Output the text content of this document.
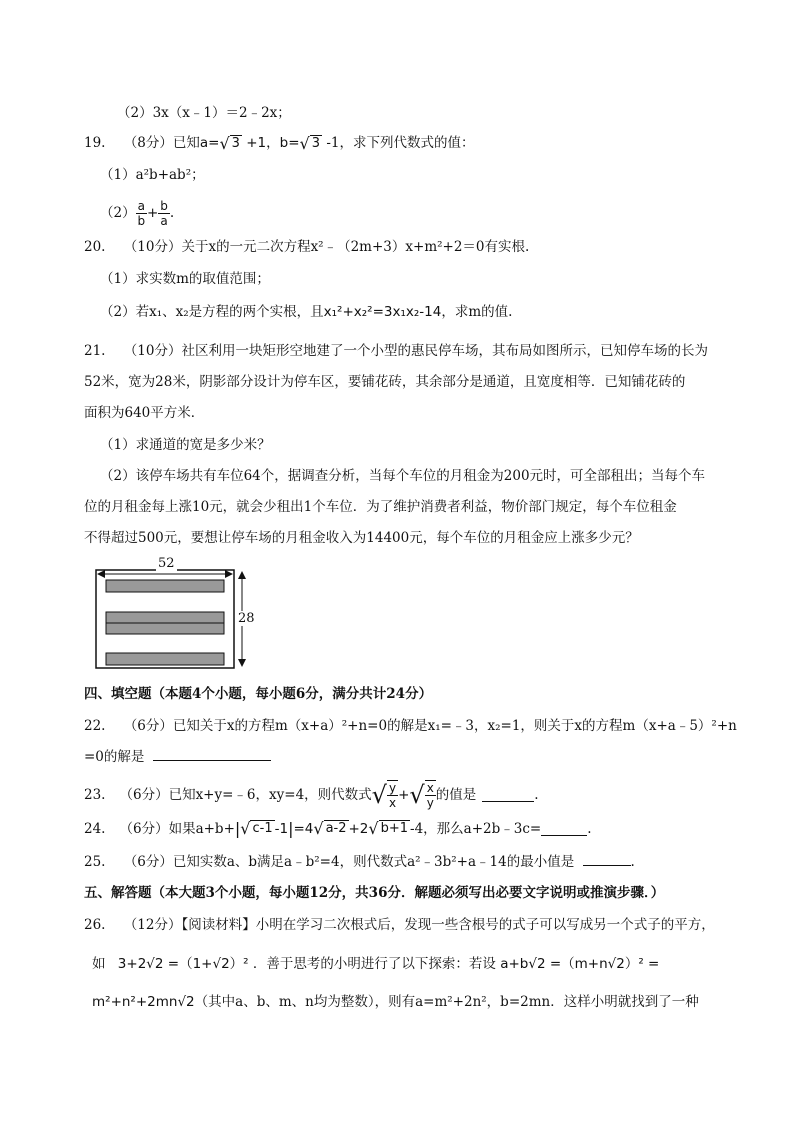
（2）3x（x﹣1）＝2﹣2x；
19. （8分）已知a= √ 3 +1，b= √ 3 -1，求下列代数式的值：
（1）a²b+ab²；
$(2) \frac{a}{b} + \frac{b}{a}$ .
20. （10分）关于x的一元二次方程x²﹣（2m+3）x+m²+2＝0有实根.
（1）求实数m的取值范围；
（2）若x₁、x₂是方程的两个实根，且x₁²+x₂²=3x₁x₂-14，求m的值.
21. （10分）社区利用一块矩形空地建了一个小型的惠民停车场，其布局如图所示，已知停车场的长为
52米，宽为28米，阴影部分设计为停车区，要铺花砖，其余部分是通道，且宽度相等．已知铺花砖的
面积为640平方米．
（1）求通道的宽是多少米？
（2）该停车场共有车位64个，据调查分析，当每个车位的月租金为200元时，可全部租出；当每个车
位的月租金每上涨10元，就会少租出1个车位．为了维护消费者利益，物价部门规定，每个车位租金
不得超过500元，要想让停车场的月租金收入为14400元，每个车位的月租金应上涨多少元？
52
28
四、填空题（本题4个小题，每小题6分，满分共计24分）
22. （6分）已知关于x的方程m（x+a）²+n=0的解是x₁=﹣3，x₂=1，则关于x的方程m（x+a﹣5）²+n
=0的解是
23. （6分）已知x+y=﹣6，xy=4，则代数式 √ $\frac{y}{x}$ + √ $\frac{x}{y}$ 的值是	.
24. （6分）如果a+b+ | √ c-1 -1 | =4 √ a-2 +2 √ b+1 -4，那么a+2b﹣3c=	.
25. （6分）已知实数a、b满足a﹣b²=4，则代数式a²﹣3b²+a﹣14的最小值是	.
五、解答题（本大题3个小题，每小题12分，共36分．解题必须写出必要文字说明或推演步骤．）
26. （12分）【阅读材料】小明在学习二次根式后，发现一些含根号的式子可以写成另一个式子的平方，
如 3+2√2 =（1+√2）² ．善于思考的小明进行了以下探索：若设 a+b√2 =（m+n√2）² =
m²+n²+2mn√2（其中a、b、m、n均为整数），则有a=m²+2n²，b=2mn．这样小明就找到了一种
